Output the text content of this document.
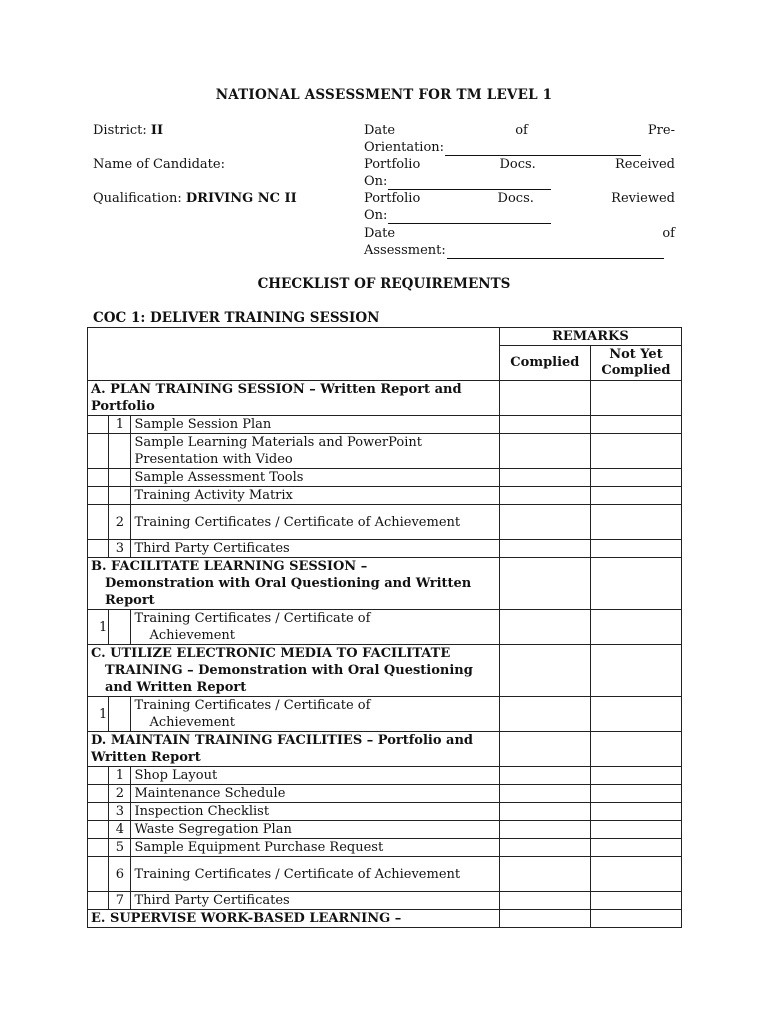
NATIONAL ASSESSMENT FOR TM LEVEL 1
District: II
Name of Candidate:
Qualification: DRIVING NC II
Date	of	Pre-
Orientation:
Portfolio	Docs.	Received
On:
Portfolio	Docs.	Reviewed
On:
Date	of
Assessment:
CHECKLIST OF REQUIREMENTS
COC 1: DELIVER TRAINING SESSION
			REMARKS	
			Complied	Not Yet Complied
A. PLAN TRAINING SESSION – Written Report and Portfolio				
	1	Sample Session Plan		
		Sample Learning Materials and PowerPoint Presentation with Video		
		Sample Assessment Tools		
		Training Activity Matrix		
	2	Training Certificates / Certificate of Achievement		
	3	Third Party Certificates		
B. FACILITATE LEARNING SESSION –
Demonstration with Oral Questioning and Written Report				

1		Training Certificates / Certificate of
Achievement		

C. UTILIZE ELECTRONIC MEDIA TO FACILITATE
TRAINING – Demonstration with Oral Questioning and Written Report				

1		Training Certificates / Certificate of
Achievement		

D. MAINTAIN TRAINING FACILITIES – Portfolio and Written Report				
	1	Shop Layout		
	2	Maintenance Schedule		
	3	Inspection Checklist		
	4	Waste Segregation Plan		
	5	Sample Equipment Purchase Request		
	6	Training Certificates / Certificate of Achievement		
	7	Third Party Certificates		
E. SUPERVISE WORK-BASED LEARNING –				
